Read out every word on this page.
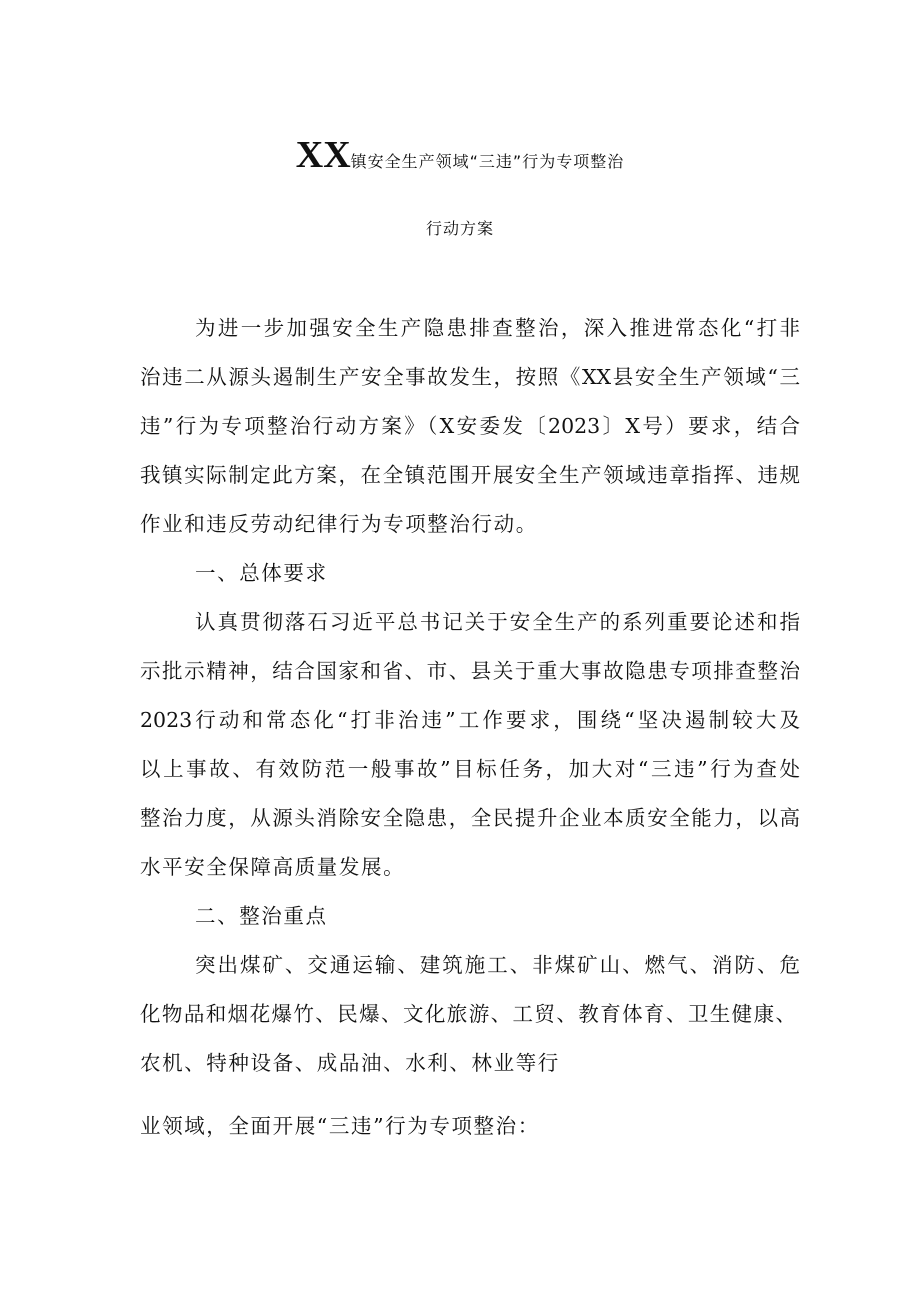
XX镇安全生产领域“三违”行为专项整治
行动方案
为进一步加强安全生产隐患排查整治，深入推进常态化“打非
治违二从源头遏制生产安全事故发生，按照《XX县安全生产领域“三
违”行为专项整治行动方案》（X安委发〔2023〕X号）要求，结合
我镇实际制定此方案，在全镇范围开展安全生产领域违章指挥、违规
作业和违反劳动纪律行为专项整治行动。
一、总体要求
认真贯彻落石习近平总书记关于安全生产的系列重要论述和指
示批示精神，结合国家和省、市、县关于重大事故隐患专项排查整治
2023行动和常态化“打非治违”工作要求，围绕“坚决遏制较大及
以上事故、有效防范一般事故”目标任务，加大对“三违”行为查处
整治力度，从源头消除安全隐患，全民提升企业本质安全能力，以高
水平安全保障高质量发展。
二、整治重点
突出煤矿、交通运输、建筑施工、非煤矿山、燃气、消防、危
化物品和烟花爆竹、民爆、文化旅游、工贸、教育体育、卫生健康、
农机、特种设备、成品油、水利、林业等行
业领域，全面开展“三违”行为专项整治：
